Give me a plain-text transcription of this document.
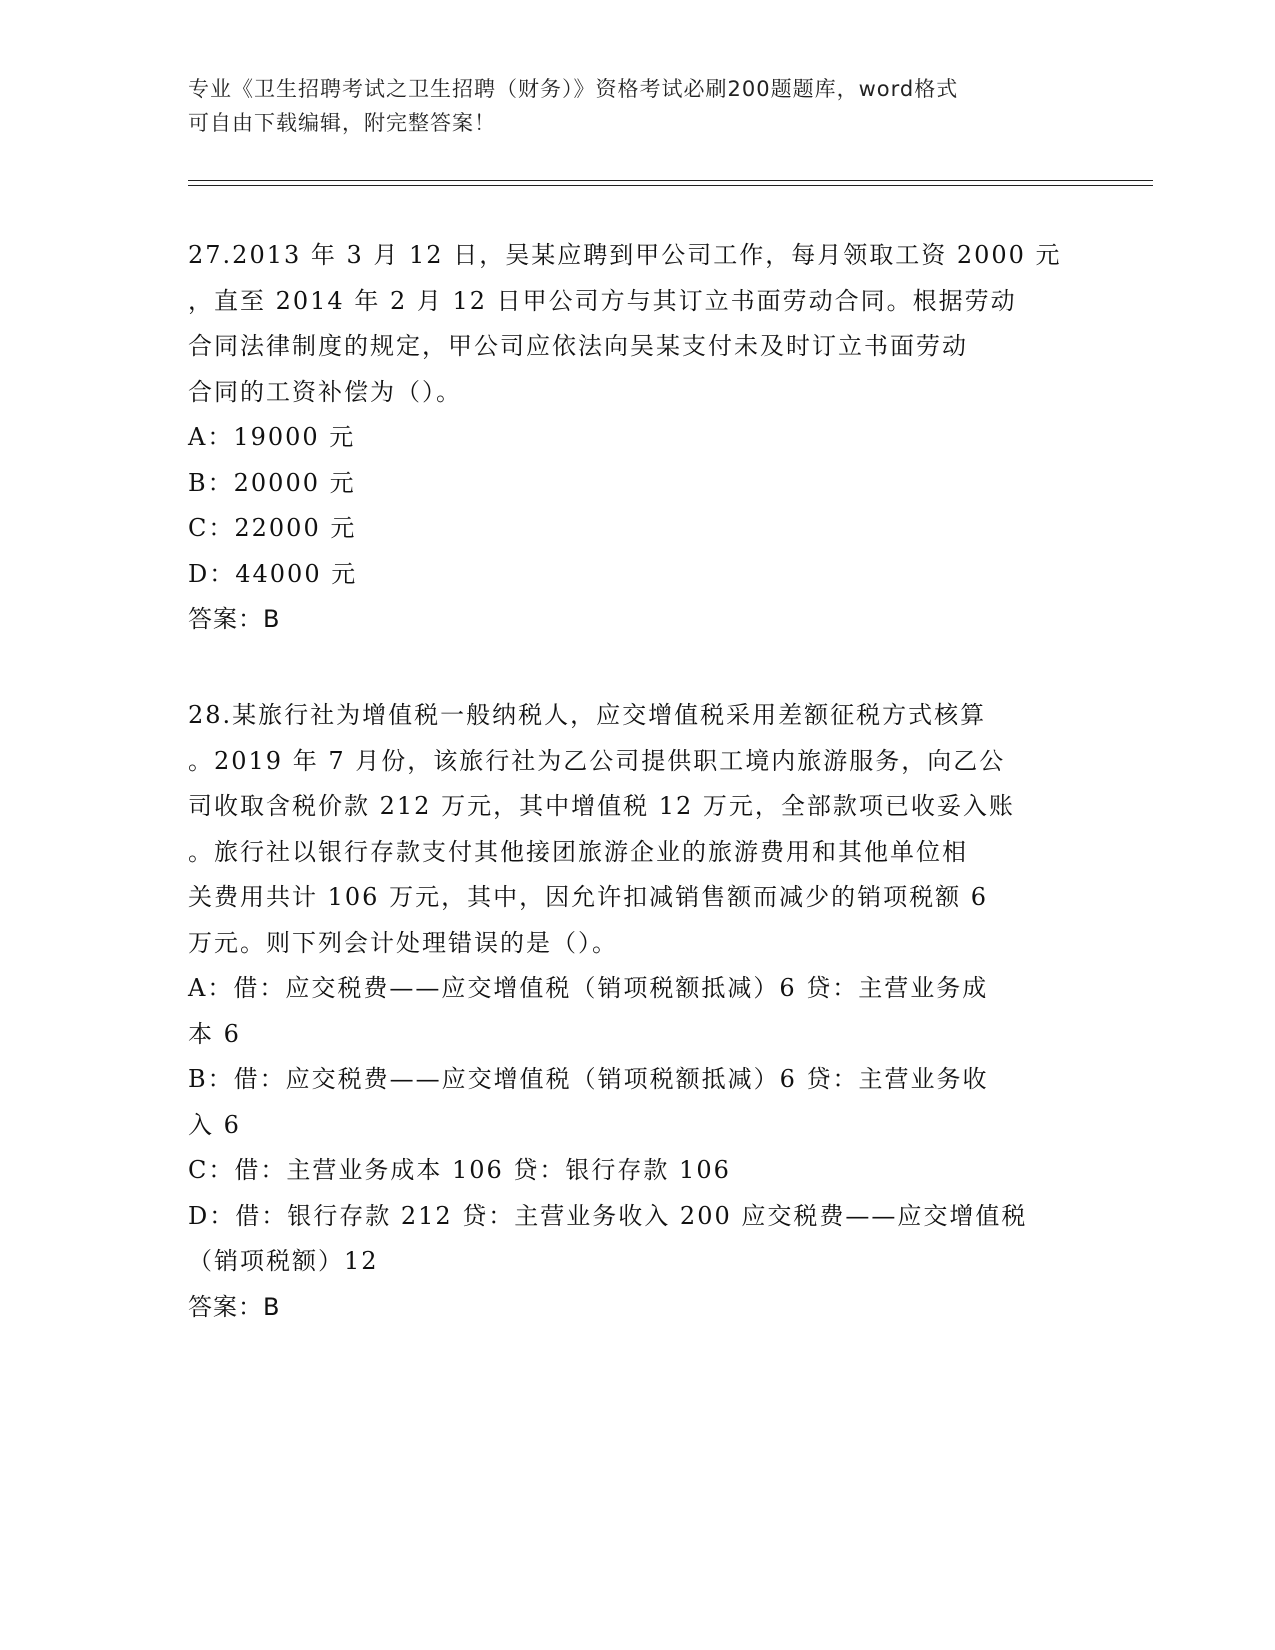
专业《卫生招聘考试之卫生招聘（财务）》资格考试必刷200题题库，word格式
可自由下载编辑，附完整答案！
27.2013 年 3 月 12 日，吴某应聘到甲公司工作，每月领取工资 2000 元
，直至 2014 年 2 月 12 日甲公司方与其订立书面劳动合同。根据劳动
合同法律制度的规定，甲公司应依法向吴某支付未及时订立书面劳动
合同的工资补偿为（）。
A：19000 元
B：20000 元
C：22000 元
D：44000 元
答案：B
28.某旅行社为增值税一般纳税人，应交增值税采用差额征税方式核算
。2019 年 7 月份，该旅行社为乙公司提供职工境内旅游服务，向乙公
司收取含税价款 212 万元，其中增值税 12 万元，全部款项已收妥入账
。旅行社以银行存款支付其他接团旅游企业的旅游费用和其他单位相
关费用共计 106 万元，其中，因允许扣减销售额而减少的销项税额 6
万元。则下列会计处理错误的是（）。
A：借：应交税费——应交增值税（销项税额抵减）6 贷：主营业务成
本 6
B：借：应交税费——应交增值税（销项税额抵减）6 贷：主营业务收
入 6
C：借：主营业务成本 106 贷：银行存款 106
D：借：银行存款 212 贷：主营业务收入 200 应交税费——应交增值税
（销项税额）12
答案：B
